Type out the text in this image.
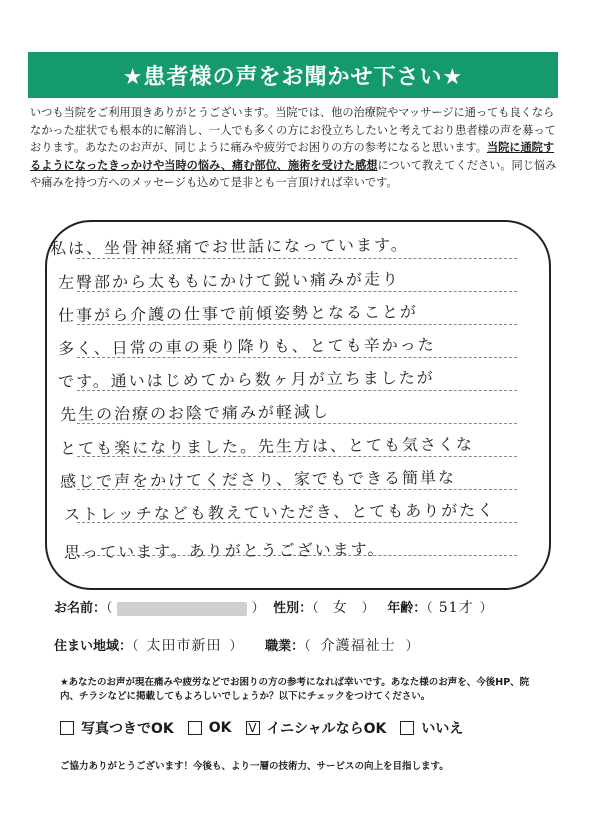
★患者様の声をお聞かせ下さい★
いつも当院をご利用頂きありがとうございます。当院では、他の治療院やマッサージに通っても良くならなかった症状でも根本的に解消し、一人でも多くの方にお役立ちしたいと考えており患者様の声を募っております。あなたのお声が、同じように痛みや疲労でお困りの方の参考になると思います。当院に通院するようになったきっかけや当時の悩み、痛む部位、施術を受けた感想について教えてください。同じ悩みや痛みを持つ方へのメッセージも込めて是非とも一言頂ければ幸いです。
私は、坐骨神経痛でお世話になっています。
左臀部から太ももにかけて鋭い痛みが走り
仕事がら介護の仕事で前傾姿勢となることが
多く、日常の車の乗り降りも、とても辛かった
です。通いはじめてから数ヶ月が立ちましたが
先生の治療のお陰で痛みが軽減し
とても楽になりました。先生方は、とても気さくな
感じで声をかけてくださり、家でもできる簡単な
ストレッチなども教えていただき、とてもありがたく
思っています。ありがとうございます。
お名前：（	） 性別：（ 女 ） 年齢：（ 51才 ）
住まい地域：（ 太田市新田 ） 職業：（ 介護福祉士 ）
★あなたのお声が現在痛みや疲労などでお困りの方の参考になれば幸いです。あなた様のお声を、今後HP、院内、チラシなどに掲載してもよろしいでしょうか？以下にチェックをつけてください。
写真つきでOK	OK V イニシャルならOK	いいえ
ご協力ありがとうございます！今後も、より一層の技術力、サービスの向上を目指します。
